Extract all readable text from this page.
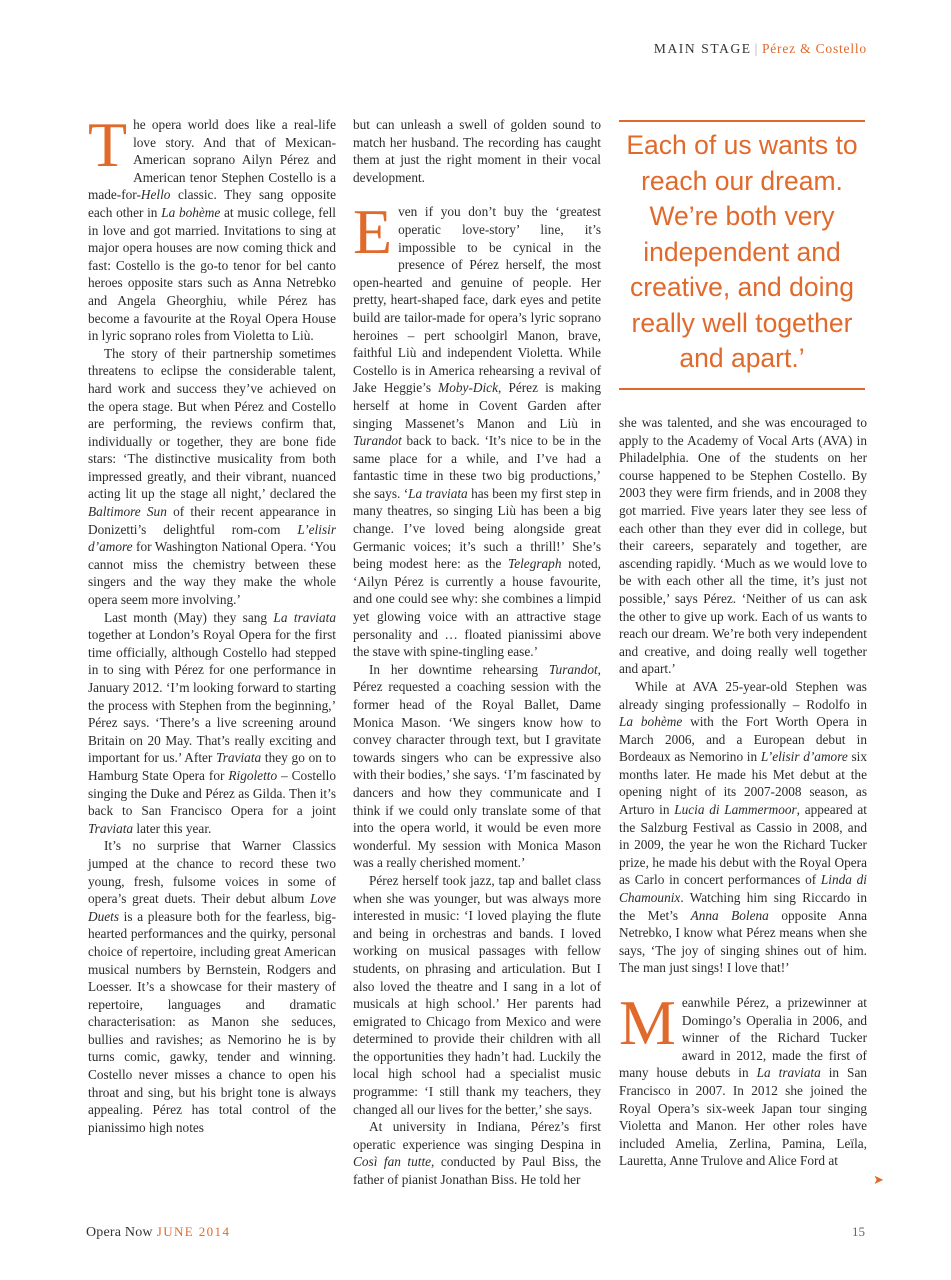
MAIN STAGE | Pérez & Costello

The opera world does like a real-life love story. And that of Mexican-American soprano Ailyn Pérez and American tenor Stephen Costello is a made-for-Hello classic. They sang opposite each other in La bohème at music college, fell in love and got married. Invitations to sing at major opera houses are now coming thick and fast: Costello is the go-to tenor for bel canto heroes opposite stars such as Anna Netrebko and Angela Gheorghiu, while Pérez has become a favourite at the Royal Opera House in lyric soprano roles from Violetta to Liù.

The story of their partnership sometimes threatens to eclipse the considerable talent, hard work and success they’ve achieved on the opera stage. But when Pérez and Costello are performing, the reviews confirm that, individually or together, they are bone fide stars: ‘The distinctive musicality from both impressed greatly, and their vibrant, nuanced acting lit up the stage all night,’ declared the Baltimore Sun of their recent appearance in Donizetti’s delightful rom-com L’elisir d’amore for Washington National Opera. ‘You cannot miss the chemistry between these singers and the way they make the whole opera seem more involving.’

Last month (May) they sang La traviata together at London’s Royal Opera for the first time officially, although Costello had stepped in to sing with Pérez for one performance in January 2012. ‘I’m looking forward to starting the process with Stephen from the beginning,’ Pérez says. ‘There’s a live screening around Britain on 20 May. That’s really exciting and important for us.’ After Traviata they go on to Hamburg State Opera for Rigoletto – Costello singing the Duke and Pérez as Gilda. Then it’s back to San Francisco Opera for a joint Traviata later this year.

It’s no surprise that Warner Classics jumped at the chance to record these two young, fresh, fulsome voices in some of opera’s great duets. Their debut album Love Duets is a pleasure both for the fearless, big-hearted performances and the quirky, personal choice of repertoire, including great American musical numbers by Bernstein, Rodgers and Loesser. It’s a showcase for their mastery of repertoire, languages and dramatic characterisation: as Manon she seduces, bullies and ravishes; as Nemorino he is by turns comic, gawky, tender and winning. Costello never misses a chance to open his throat and sing, but his bright tone is always appealing. Pérez has total control of the pianissimo high notes

but can unleash a swell of golden sound to match her husband. The recording has caught them at just the right moment in their vocal development.

Even if you don’t buy the ‘greatest operatic love-story’ line, it’s impossible to be cynical in the presence of Pérez herself, the most open-hearted and genuine of people. Her pretty, heart-shaped face, dark eyes and petite build are tailor-made for opera’s lyric soprano heroines – pert schoolgirl Manon, brave, faithful Liù and independent Violetta. While Costello is in America rehearsing a revival of Jake Heggie’s Moby-Dick, Pérez is making herself at home in Covent Garden after singing Massenet’s Manon and Liù in Turandot back to back. ‘It’s nice to be in the same place for a while, and I’ve had a fantastic time in these two big productions,’ she says. ‘La traviata has been my first step in many theatres, so singing Liù has been a big change. I’ve loved being alongside great Germanic voices; it’s such a thrill!’ She’s being modest here: as the Telegraph noted, ‘Ailyn Pérez is currently a house favourite, and one could see why: she combines a limpid yet glowing voice with an attractive stage personality and … floated pianissimi above the stave with spine-tingling ease.’

In her downtime rehearsing Turandot, Pérez requested a coaching session with the former head of the Royal Ballet, Dame Monica Mason. ‘We singers know how to convey character through text, but I gravitate towards singers who can be expressive also with their bodies,’ she says. ‘I’m fascinated by dancers and how they communicate and I think if we could only translate some of that into the opera world, it would be even more wonderful. My session with Monica Mason was a really cherished moment.’

Pérez herself took jazz, tap and ballet class when she was younger, but was always more interested in music: ‘I loved playing the flute and being in orchestras and bands. I loved working on musical passages with fellow students, on phrasing and articulation. But I also loved the theatre and I sang in a lot of musicals at high school.’ Her parents had emigrated to Chicago from Mexico and were determined to provide their children with all the opportunities they hadn’t had. Luckily the local high school had a specialist music programme: ‘I still thank my teachers, they changed all our lives for the better,’ she says.

At university in Indiana, Pérez’s first operatic experience was singing Despina in Così fan tutte, conducted by Paul Biss, the father of pianist Jonathan Biss. He told her

Each of us wants to reach our dream. We’re both very independent and creative, and doing really well together and apart.’

she was talented, and she was encouraged to apply to the Academy of Vocal Arts (AVA) in Philadelphia. One of the students on her course happened to be Stephen Costello. By 2003 they were firm friends, and in 2008 they got married. Five years later they see less of each other than they ever did in college, but their careers, separately and together, are ascending rapidly. ‘Much as we would love to be with each other all the time, it’s just not possible,’ says Pérez. ‘Neither of us can ask the other to give up work. Each of us wants to reach our dream. We’re both very independent and creative, and doing really well together and apart.’

While at AVA 25-year-old Stephen was already singing professionally – Rodolfo in La bohème with the Fort Worth Opera in March 2006, and a European debut in Bordeaux as Nemorino in L’elisir d’amore six months later. He made his Met debut at the opening night of its 2007-2008 season, as Arturo in Lucia di Lammermoor, appeared at the Salzburg Festival as Cassio in 2008, and in 2009, the year he won the Richard Tucker prize, he made his debut with the Royal Opera as Carlo in concert performances of Linda di Chamounix. Watching him sing Riccardo in the Met’s Anna Bolena opposite Anna Netrebko, I know what Pérez means when she says, ‘The joy of singing shines out of him. The man just sings! I love that!’

Meanwhile Pérez, a prizewinner at Domingo’s Operalia in 2006, and winner of the Richard Tucker award in 2012, made the first of many house debuts in La traviata in San Francisco in 2007. In 2012 she joined the Royal Opera’s six-week Japan tour singing Violetta and Manon. Her other roles have included Amelia, Zerlina, Pamina, Leïla, Lauretta, Anne Trulove and Alice Ford at

➤
Opera Now JUNE 2014	15
